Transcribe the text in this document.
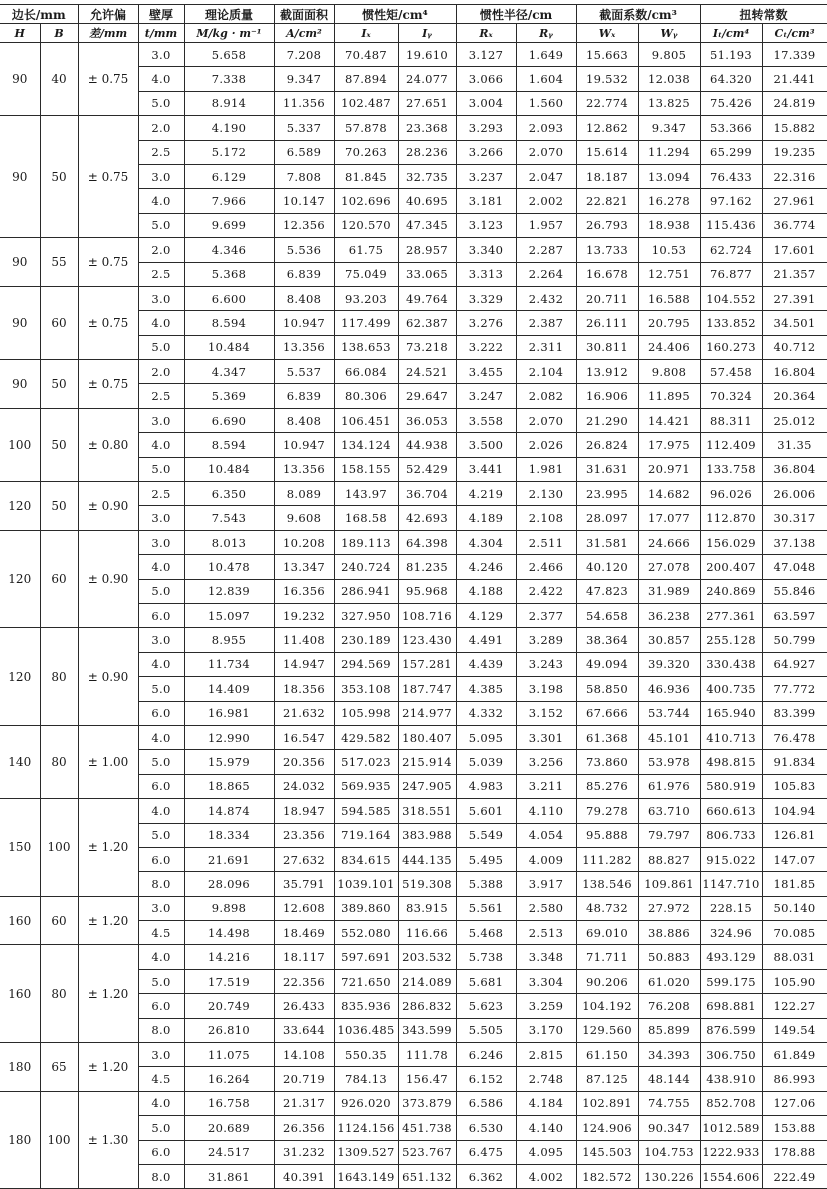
边长/mm		允许偏	壁厚	理论质量	截面面积	惯性矩/cm⁴		惯性半径/cm		截面系数/cm³		扭转常数	
H	B	差/mm	t/mm	M/kg · m⁻¹	A/cm²	Iₓ	Iᵧ	Rₓ	Rᵧ	Wₓ	Wᵧ	Iₜ/cm⁴	Cₜ/cm³
90	40	± 0.75	3.0	5.658	7.208	70.487	19.610	3.127	1.649	15.663	9.805	51.193	17.339
			4.0	7.338	9.347	87.894	24.077	3.066	1.604	19.532	12.038	64.320	21.441
			5.0	8.914	11.356	102.487	27.651	3.004	1.560	22.774	13.825	75.426	24.819
90	50	± 0.75	2.0	4.190	5.337	57.878	23.368	3.293	2.093	12.862	9.347	53.366	15.882
			2.5	5.172	6.589	70.263	28.236	3.266	2.070	15.614	11.294	65.299	19.235
			3.0	6.129	7.808	81.845	32.735	3.237	2.047	18.187	13.094	76.433	22.316
			4.0	7.966	10.147	102.696	40.695	3.181	2.002	22.821	16.278	97.162	27.961
			5.0	9.699	12.356	120.570	47.345	3.123	1.957	26.793	18.938	115.436	36.774
90	55	± 0.75	2.0	4.346	5.536	61.75	28.957	3.340	2.287	13.733	10.53	62.724	17.601
			2.5	5.368	6.839	75.049	33.065	3.313	2.264	16.678	12.751	76.877	21.357
90	60	± 0.75	3.0	6.600	8.408	93.203	49.764	3.329	2.432	20.711	16.588	104.552	27.391
			4.0	8.594	10.947	117.499	62.387	3.276	2.387	26.111	20.795	133.852	34.501
			5.0	10.484	13.356	138.653	73.218	3.222	2.311	30.811	24.406	160.273	40.712
90	50	± 0.75	2.0	4.347	5.537	66.084	24.521	3.455	2.104	13.912	9.808	57.458	16.804
			2.5	5.369	6.839	80.306	29.647	3.247	2.082	16.906	11.895	70.324	20.364
100	50	± 0.80	3.0	6.690	8.408	106.451	36.053	3.558	2.070	21.290	14.421	88.311	25.012
			4.0	8.594	10.947	134.124	44.938	3.500	2.026	26.824	17.975	112.409	31.35
			5.0	10.484	13.356	158.155	52.429	3.441	1.981	31.631	20.971	133.758	36.804
120	50	± 0.90	2.5	6.350	8.089	143.97	36.704	4.219	2.130	23.995	14.682	96.026	26.006
			3.0	7.543	9.608	168.58	42.693	4.189	2.108	28.097	17.077	112.870	30.317
120	60	± 0.90	3.0	8.013	10.208	189.113	64.398	4.304	2.511	31.581	24.666	156.029	37.138
			4.0	10.478	13.347	240.724	81.235	4.246	2.466	40.120	27.078	200.407	47.048
			5.0	12.839	16.356	286.941	95.968	4.188	2.422	47.823	31.989	240.869	55.846
			6.0	15.097	19.232	327.950	108.716	4.129	2.377	54.658	36.238	277.361	63.597
120	80	± 0.90	3.0	8.955	11.408	230.189	123.430	4.491	3.289	38.364	30.857	255.128	50.799
			4.0	11.734	14.947	294.569	157.281	4.439	3.243	49.094	39.320	330.438	64.927
			5.0	14.409	18.356	353.108	187.747	4.385	3.198	58.850	46.936	400.735	77.772
			6.0	16.981	21.632	105.998	214.977	4.332	3.152	67.666	53.744	165.940	83.399
140	80	± 1.00	4.0	12.990	16.547	429.582	180.407	5.095	3.301	61.368	45.101	410.713	76.478
			5.0	15.979	20.356	517.023	215.914	5.039	3.256	73.860	53.978	498.815	91.834
			6.0	18.865	24.032	569.935	247.905	4.983	3.211	85.276	61.976	580.919	105.83
150	100	± 1.20	4.0	14.874	18.947	594.585	318.551	5.601	4.110	79.278	63.710	660.613	104.94
			5.0	18.334	23.356	719.164	383.988	5.549	4.054	95.888	79.797	806.733	126.81
			6.0	21.691	27.632	834.615	444.135	5.495	4.009	111.282	88.827	915.022	147.07
			8.0	28.096	35.791	1039.101	519.308	5.388	3.917	138.546	109.861	1147.710	181.85
160	60	± 1.20	3.0	9.898	12.608	389.860	83.915	5.561	2.580	48.732	27.972	228.15	50.140
			4.5	14.498	18.469	552.080	116.66	5.468	2.513	69.010	38.886	324.96	70.085
160	80	± 1.20	4.0	14.216	18.117	597.691	203.532	5.738	3.348	71.711	50.883	493.129	88.031
			5.0	17.519	22.356	721.650	214.089	5.681	3.304	90.206	61.020	599.175	105.90
			6.0	20.749	26.433	835.936	286.832	5.623	3.259	104.192	76.208	698.881	122.27
			8.0	26.810	33.644	1036.485	343.599	5.505	3.170	129.560	85.899	876.599	149.54
180	65	± 1.20	3.0	11.075	14.108	550.35	111.78	6.246	2.815	61.150	34.393	306.750	61.849
			4.5	16.264	20.719	784.13	156.47	6.152	2.748	87.125	48.144	438.910	86.993
180	100	± 1.30	4.0	16.758	21.317	926.020	373.879	6.586	4.184	102.891	74.755	852.708	127.06
			5.0	20.689	26.356	1124.156	451.738	6.530	4.140	124.906	90.347	1012.589	153.88
			6.0	24.517	31.232	1309.527	523.767	6.475	4.095	145.503	104.753	1222.933	178.88
			8.0	31.861	40.391	1643.149	651.132	6.362	4.002	182.572	130.226	1554.606	222.49
